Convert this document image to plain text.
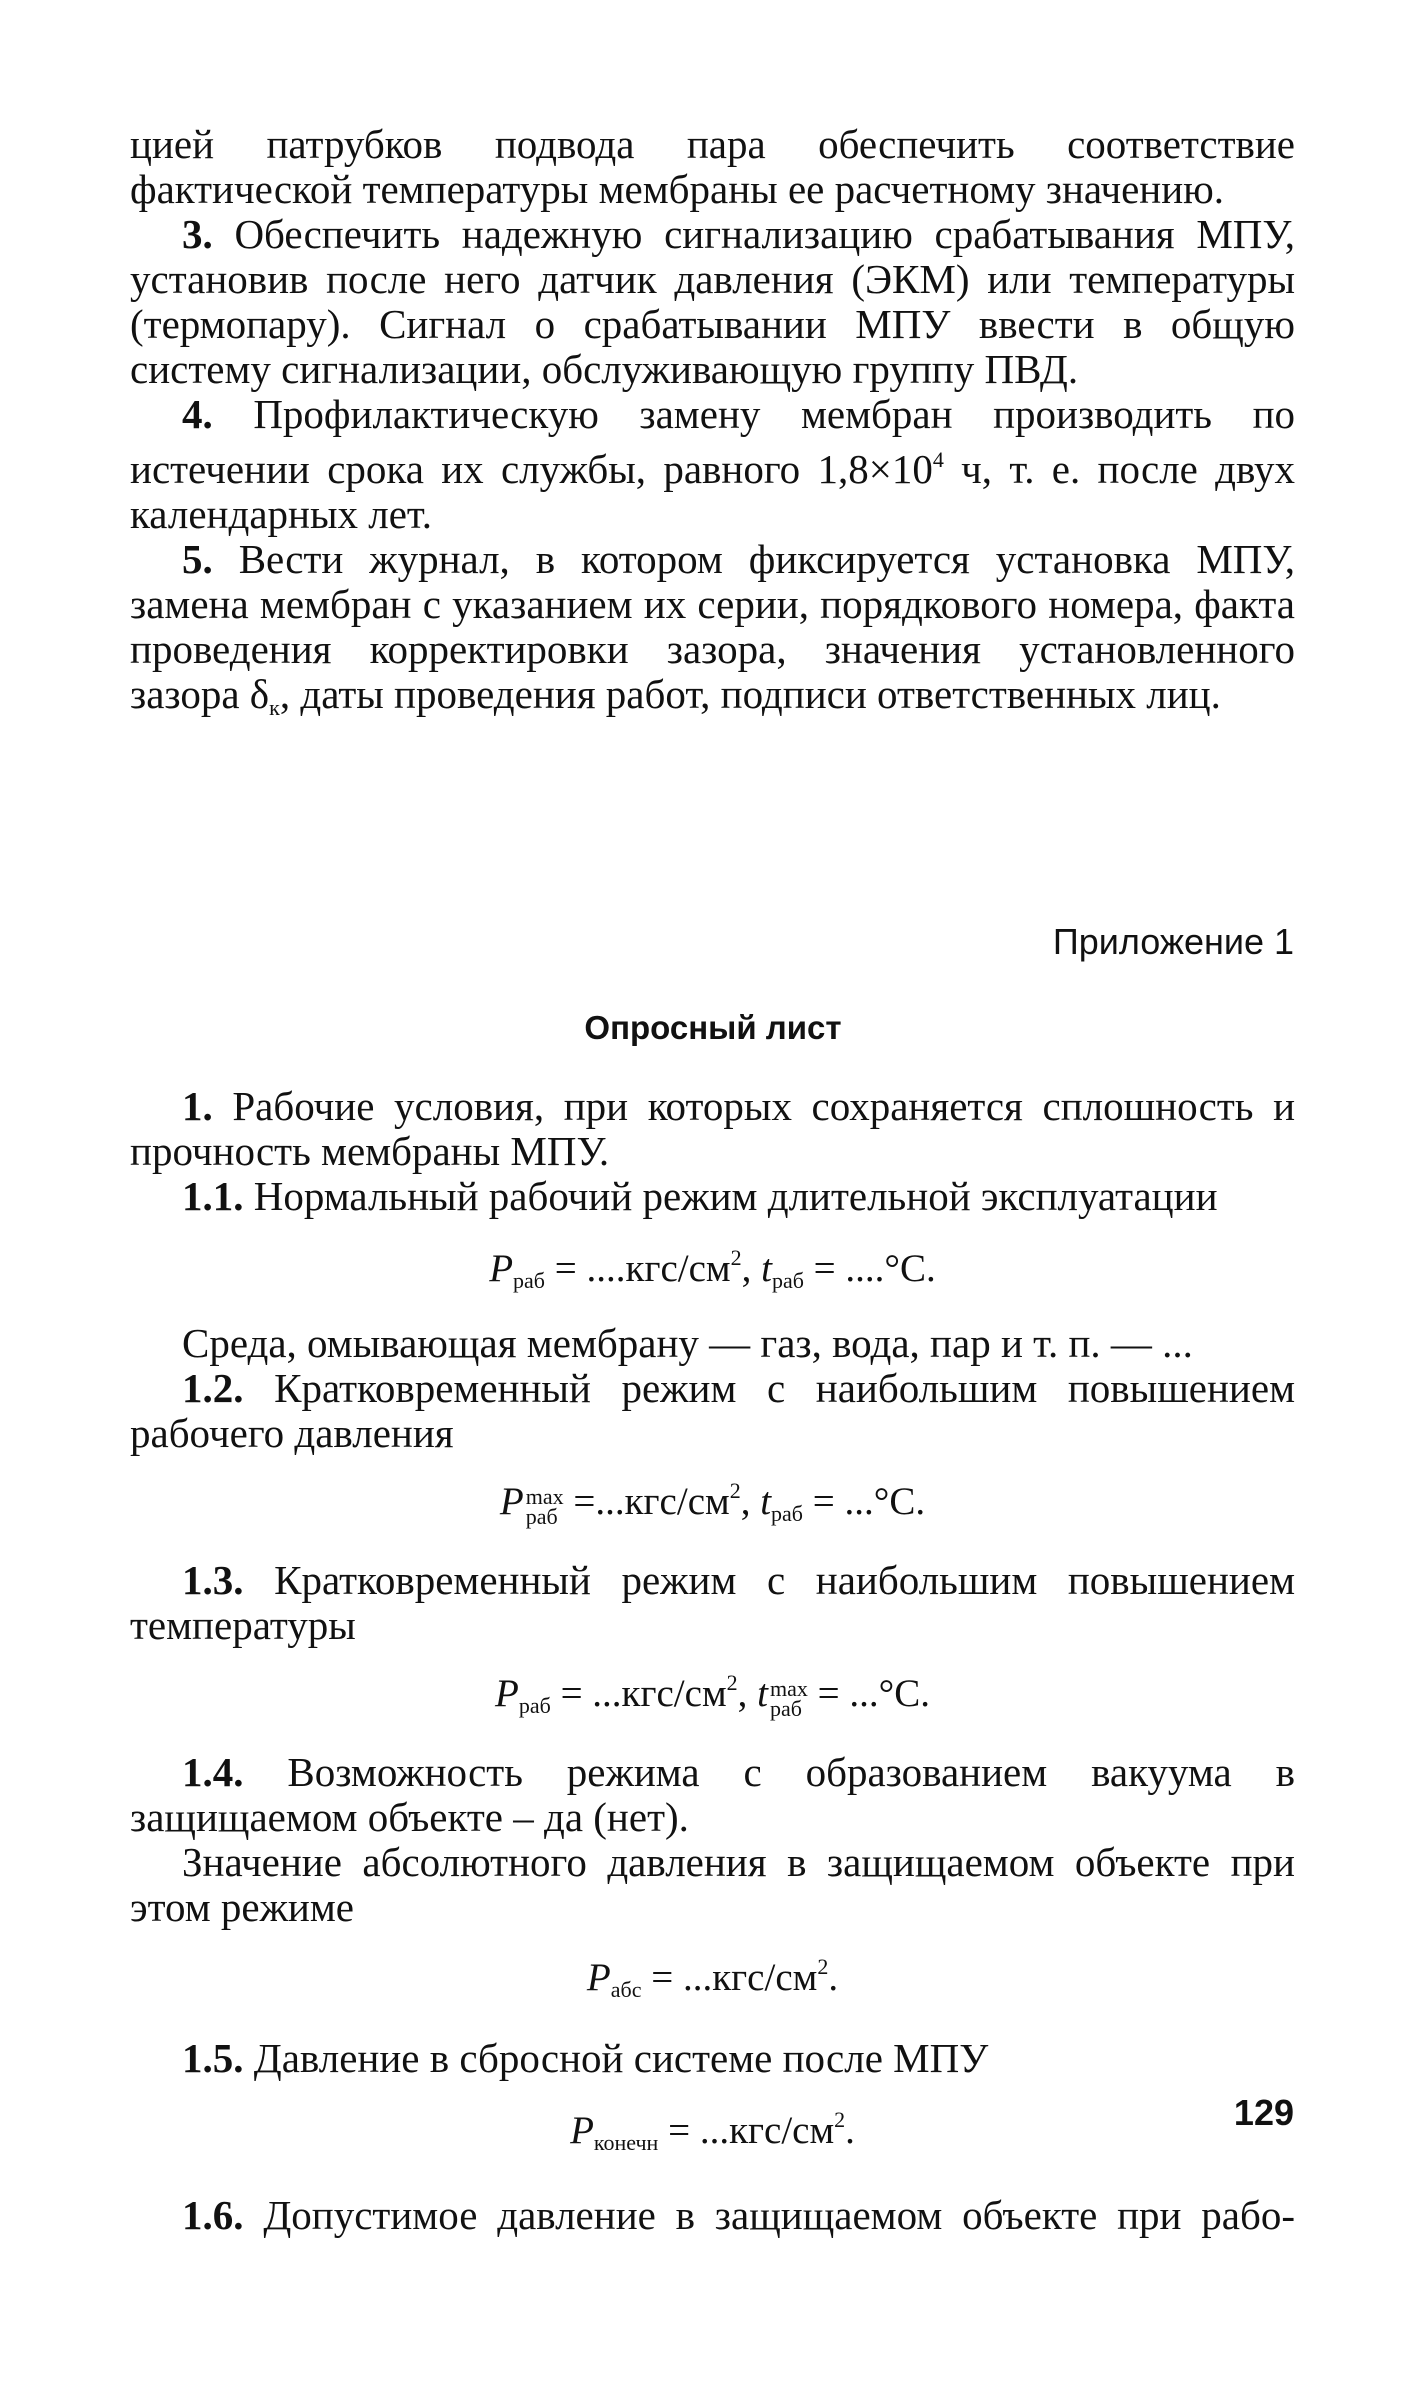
цией патрубков подвода пара обеспечить соответствие фактической температуры мембраны ее расчетному значению.

3. Обеспечить надежную сигнализацию срабатывания МПУ, установив после него датчик давления (ЭКМ) или температуры (термопару). Сигнал о срабатывании МПУ ввести в общую систему сигнализации, обслуживающую группу ПВД.

4. Профилактическую замену мембран производить по истечении срока их службы, равного $1,8\times 10^4$ ч, т. е. после двух календарных лет.

5. Вести журнал, в котором фиксируется установка МПУ, замена мембран с указанием их серии, порядкового номера, факта проведения корректировки зазора, значения установленного зазора $\delta_к$, даты проведения работ, подписи ответственных лиц.

Приложение 1
Опросный лист

1. Рабочие условия, при которых сохраняется сплошность и прочность мембраны МПУ.

1.1. Нормальный рабочий режим длительной эксплуатации

$P_{раб} = ....кгс/см^2$, $t_{раб} = ....^\circ С$.

Среда, омывающая мембрану — газ, вода, пар и т. п. — ...

1.2. Кратковременный режим с наибольшим повышением рабочего давления

P max
раб $=...кгс/см^2$, $t_{раб} = ...^\circ С$.

1.3. Кратковременный режим с наибольшим повышением температуры

$P_{раб} = ...кгс/см^2$, t max
раб = ...°С.

1.4. Возможность режима с образованием вакуума в защищаемом объекте – да (нет).

Значение абсолютного давления в защищаемом объекте при этом режиме

$P_{абс} = ...кгс/см^2$.

1.5. Давление в сбросной системе после МПУ

$P_{конечн} = ...кгс/см^2$.

1.6. Допустимое давление в защищаемом объекте при рабо-

129
